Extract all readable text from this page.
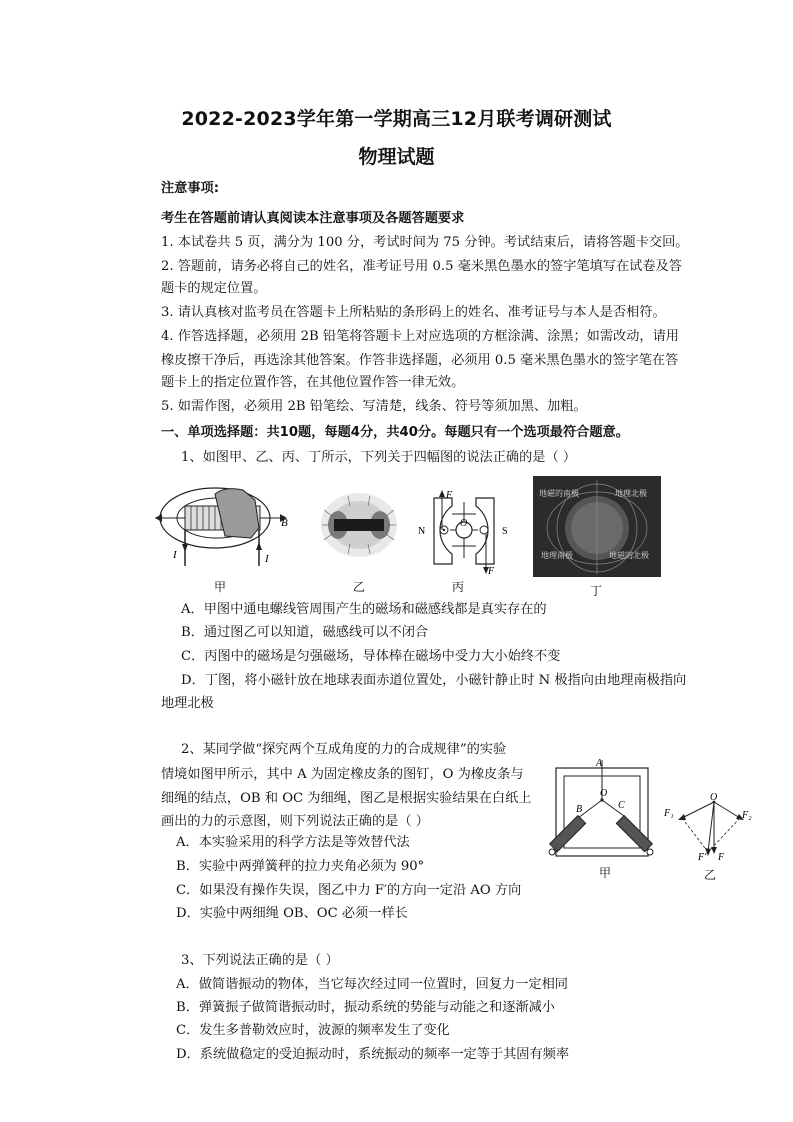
2022-2023学年第一学期高三12月联考调研测试
物理试题
注意事项:
考生在答题前请认真阅读本注意事项及各题答题要求
1. 本试卷共 5 页，满分为 100 分，考试时间为 75 分钟。考试结束后，请将答题卡交回。
2. 答题前，请务必将自己的姓名，准考证号用 0.5 毫米黑色墨水的签字笔填写在试卷及答
题卡的规定位置。
3. 请认真核对监考员在答题卡上所粘贴的条形码上的姓名、准考证号与本人是否相符。
4. 作答选择题，必须用 2B 铅笔将答题卡上对应选项的方框涂满、涂黑；如需改动，请用
橡皮擦干净后，再选涂其他答案。作答非选择题，必须用 0.5 毫米黑色墨水的签字笔在答
题卡上的指定位置作答，在其他位置作答一律无效。
5. 如需作图，必须用 2B 铅笔绘、写清楚，线条、符号等须加黑、加粗。
一、单项选择题：共10题，每题4分，共40分。每题只有一个选项最符合题意。
1、如图甲、乙、丙、丁所示，下列关于四幅图的说法正确的是（ ）
B
I	I
甲	乙
F
F
N	S
O
丙
地磁的南极	地理北极
地理南极	地磁的北极
丁
A．甲图中通电螺线管周围产生的磁场和磁感线都是真实存在的
B．通过图乙可以知道，磁感线可以不闭合
C．丙图中的磁场是匀强磁场，导体棒在磁场中受力大小始终不变
D．丁图，将小磁针放在地球表面赤道位置处，小磁针静止时 N 极指向由地理南极指向
地理北极
2、某同学做“探究两个互成角度的力的合成规律”的实验
情境如图甲所示，其中 A 为固定橡皮条的图钉，O 为橡皮条与
细绳的结点，OB 和 OC 为细绳，图乙是根据实验结果在白纸上
画出的力的示意图，则下列说法正确的是（ ）
A．本实验采用的科学方法是等效替代法
B．实验中两弹簧秤的拉力夹角必须为 90°
C．如果没有操作失误，图乙中力 F′的方向一定沿 AO 方向
D．实验中两细绳 OB、OC 必须一样长
A
O
B	C
甲
O
F₁	F₂
F′ F
乙
3、下列说法正确的是（ ）
A．做简谐振动的物体，当它每次经过同一位置时，回复力一定相同
B．弹簧振子做简谐振动时，振动系统的势能与动能之和逐渐减小
C．发生多普勒效应时，波源的频率发生了变化
D．系统做稳定的受迫振动时，系统振动的频率一定等于其固有频率
